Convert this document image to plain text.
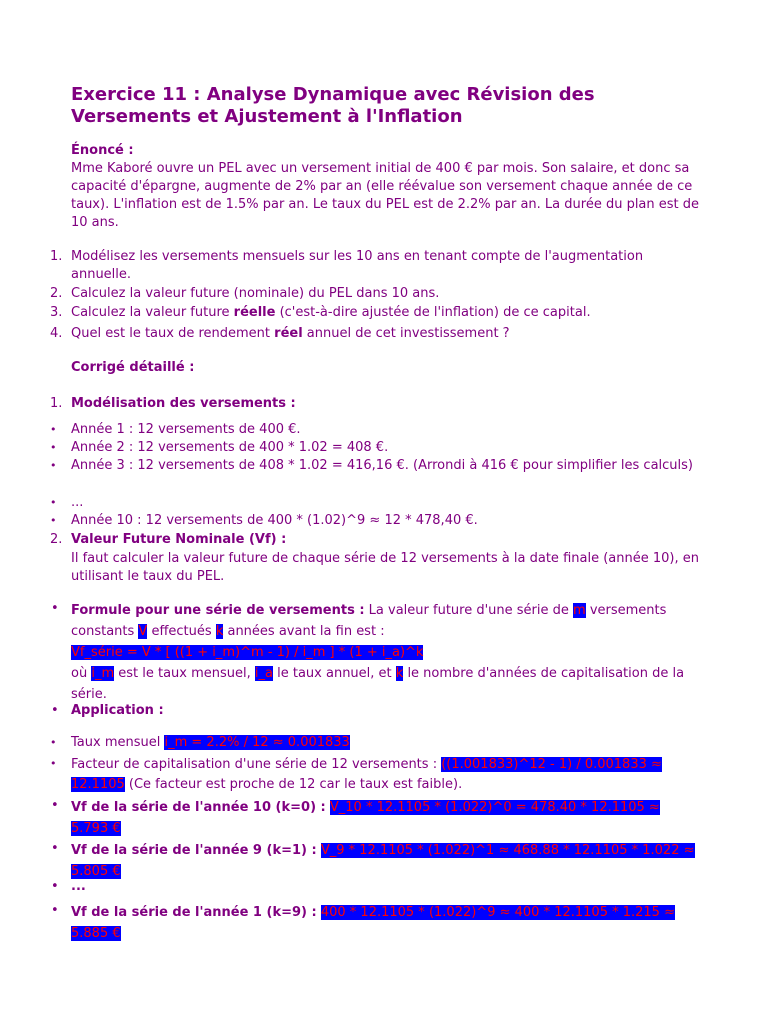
Exercice 11 : Analyse Dynamique avec Révision des Versements et Ajustement à l'Inflation
Énoncé :

Mme Kaboré ouvre un PEL avec un versement initial de 400 € par mois. Son salaire, et donc sa capacité d'épargne, augmente de 2% par an (elle réévalue son versement chaque année de ce taux). L'inflation est de 1.5% par an. Le taux du PEL est de 2.2% par an. La durée du plan est de 10 ans.

1. Modélisez les versements mensuels sur les 10 ans en tenant compte de l'augmentation annuelle.
2. Calculez la valeur future (nominale) du PEL dans 10 ans.
3. Calculez la valeur future réelle (c'est-à-dire ajustée de l'inflation) de ce capital.
4. Quel est le taux de rendement réel annuel de cet investissement ?
Corrigé détaillé :
1. Modélisation des versements :
• Année 1 : 12 versements de 400 €.
• Année 2 : 12 versements de 400 * 1.02 = 408 €.
• Année 3 : 12 versements de 408 * 1.02 = 416,16 €. (Arrondi à 416 € pour simplifier les calculs)
• ...
• Année 10 : 12 versements de 400 * (1.02)^9 ≈ 12 * 478,40 €.
2. Valeur Future Nominale (Vf) :
Il faut calculer la valeur future de chaque série de 12 versements à la date finale (année 10), en utilisant le taux du PEL.
• Formule pour une série de versements : La valeur future d'une série de m versements constants V effectués k années avant la fin est :
Vf_série = V * [ ((1 + i_m)^m - 1) / i_m ] * (1 + i_a)^k
où i_m est le taux mensuel, i_a le taux annuel, et k le nombre d'années de capitalisation de la série.
• Application :
• Taux mensuel i_m = 2.2% / 12 ≈ 0.001833
• Facteur de capitalisation d'une série de 12 versements : ((1.001833)^12 - 1) / 0.001833 ≈ 12.1105 (Ce facteur est proche de 12 car le taux est faible).
• Vf de la série de l'année 10 (k=0) : V_10 * 12.1105 * (1.022)^0 = 478.40 * 12.1105 ≈ 5.793 €
• Vf de la série de l'année 9 (k=1) : V_9 * 12.1105 * (1.022)^1 ≈ 468.88 * 12.1105 * 1.022 ≈ 5.805 €
• ...
• Vf de la série de l'année 1 (k=9) : 400 * 12.1105 * (1.022)^9 ≈ 400 * 12.1105 * 1.215 ≈ 5.885 €
